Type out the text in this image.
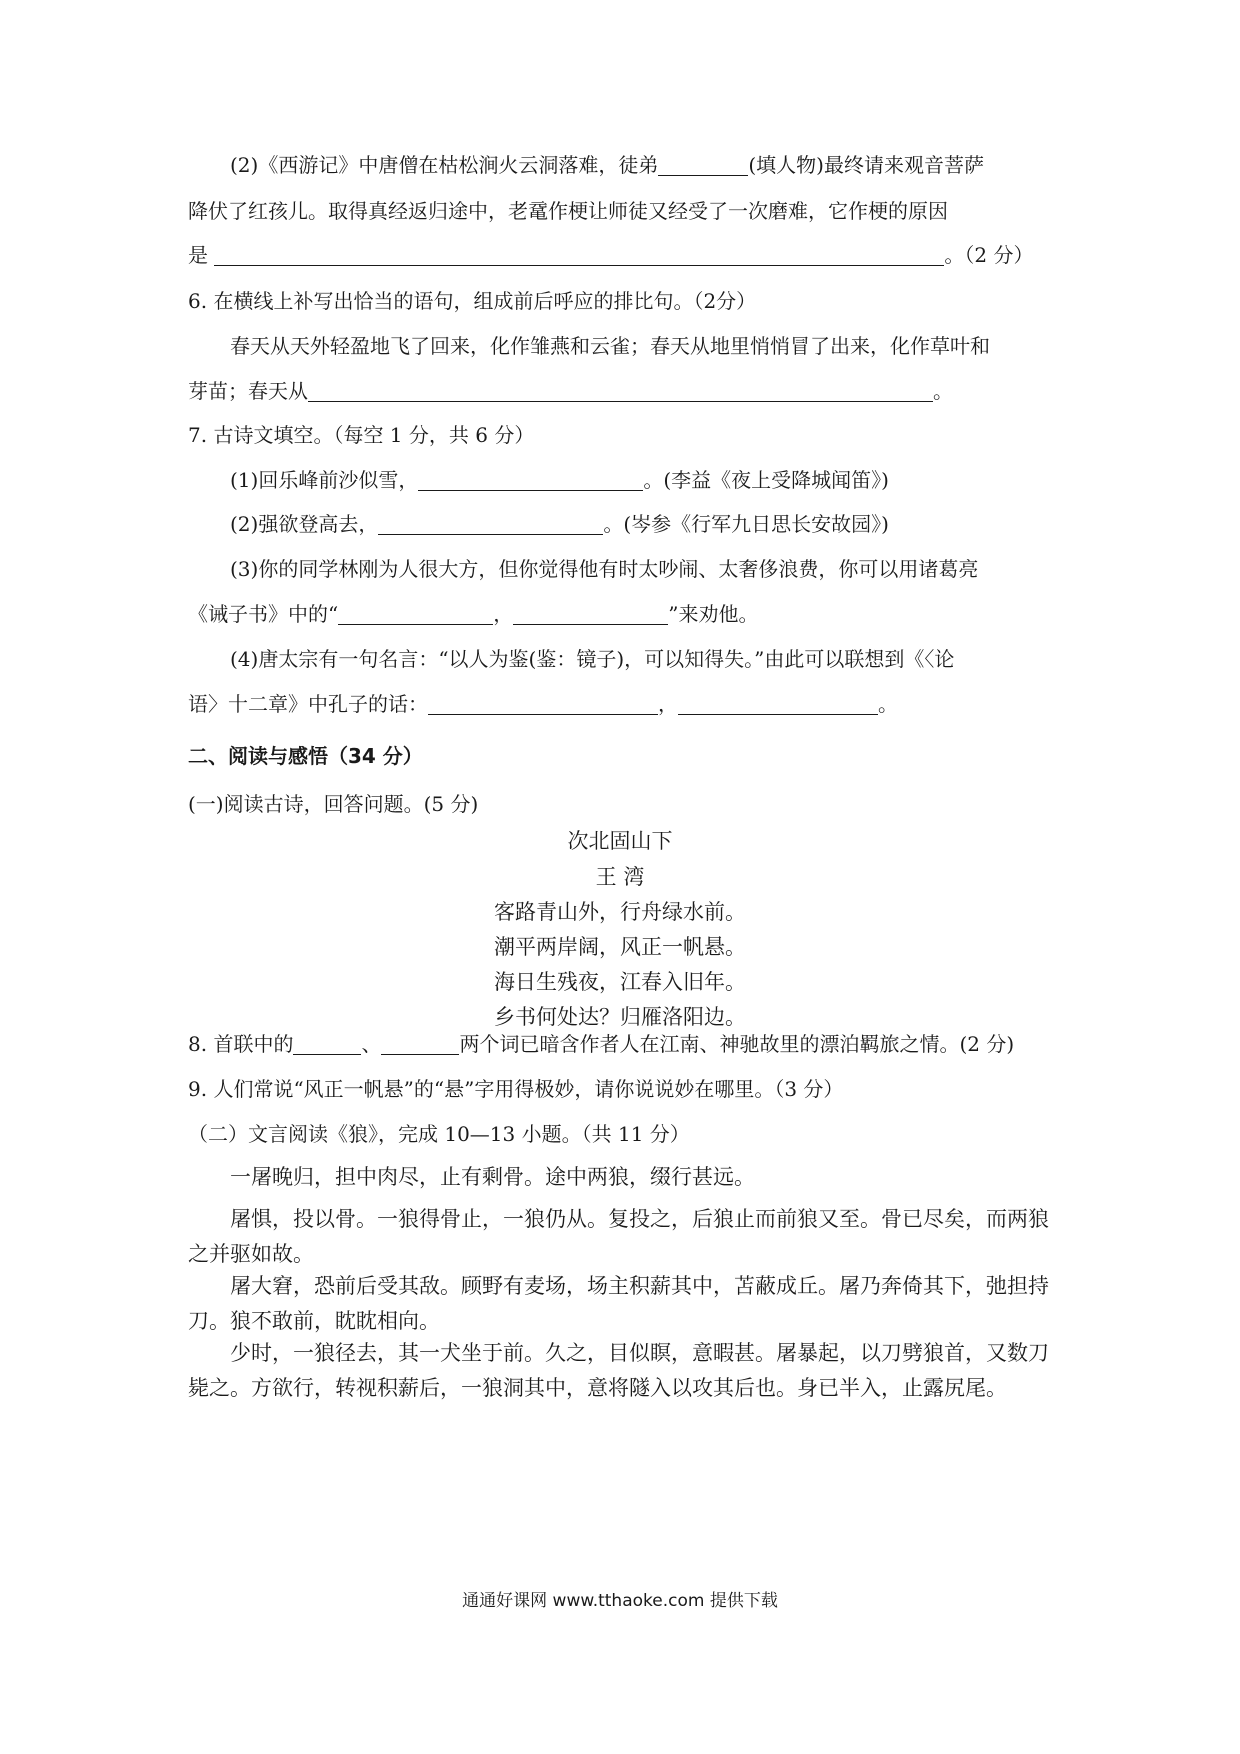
(2)《西游记》中唐僧在枯松涧火云洞落难，徒弟	(填人物)最终请来观音菩萨
降伏了红孩儿。取得真经返归途中，老鼋作梗让师徒又经受了一次磨难，它作梗的原因
是	。（2 分）
6. 在横线上补写出恰当的语句，组成前后呼应的排比句。（2分）
春天从天外轻盈地飞了回来，化作雏燕和云雀；春天从地里悄悄冒了出来，化作草叶和
芽苗；春天从	。
7. 古诗文填空。（每空 1 分，共 6 分）
(1)回乐峰前沙似雪，	。(李益《夜上受降城闻笛》)
(2)强欲登高去，	。(岑参《行军九日思长安故园》)
(3)你的同学林刚为人很大方，但你觉得他有时太吵闹、太奢侈浪费，你可以用诸葛亮
《诫子书》中的“	，	”来劝他。
(4)唐太宗有一句名言：“以人为鉴(鉴：镜子)，可以知得失。”由此可以联想到《〈论
语〉十二章》中孔子的话：	，	。
二、阅读与感悟（34 分）
(一)阅读古诗，回答问题。(5 分)
次北固山下
王 湾
客路青山外，行舟绿水前。
潮平两岸阔，风正一帆悬。
海日生残夜，江春入旧年。
乡书何处达？归雁洛阳边。
8. 首联中的	、	两个词已暗含作者人在江南、神驰故里的漂泊羁旅之情。(2 分)
9. 人们常说“风正一帆悬”的“悬”字用得极妙，请你说说妙在哪里。（3 分）
（二）文言阅读《狼》，完成 10—13 小题。（共 11 分）
一屠晚归，担中肉尽，止有剩骨。途中两狼，缀行甚远。
屠惧，投以骨。一狼得骨止，一狼仍从。复投之，后狼止而前狼又至。骨已尽矣，而两狼之并驱如故。
屠大窘，恐前后受其敌。顾野有麦场，场主积薪其中，苫蔽成丘。屠乃奔倚其下，弛担持刀。狼不敢前，眈眈相向。
少时，一狼径去，其一犬坐于前。久之，目似瞑，意暇甚。屠暴起，以刀劈狼首，又数刀毙之。方欲行，转视积薪后，一狼洞其中，意将隧入以攻其后也。身已半入，止露尻尾。
通通好课网 www.tthaoke.com 提供下载
